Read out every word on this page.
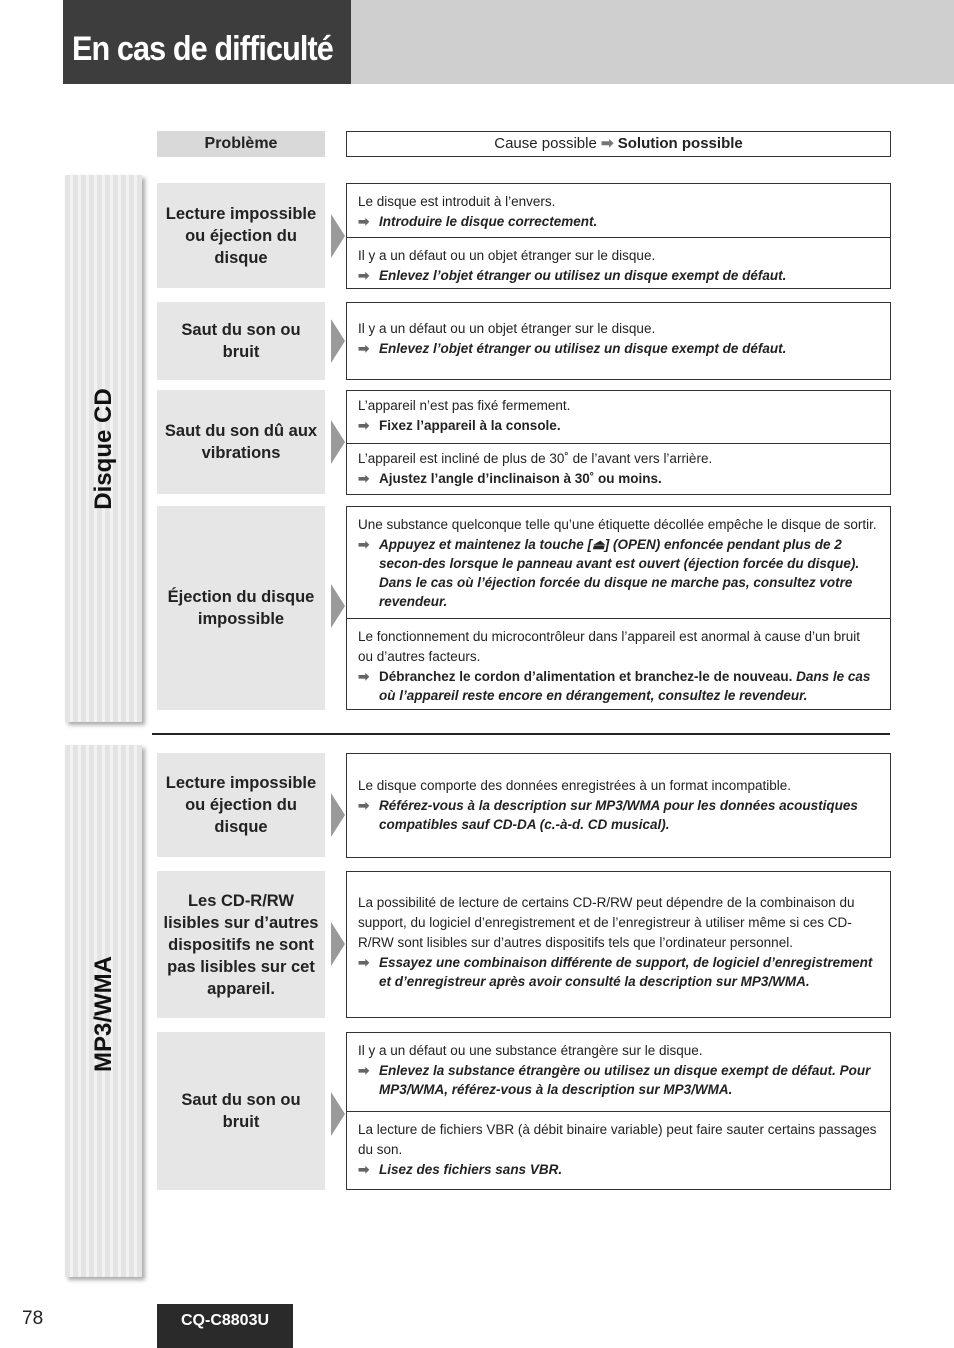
En cas de difficulté
Problème	Cause possible ➡ Solution possible
Disque CD
MP3/WMA
Lecture impossible ou éjection du disque
Le disque est introduit à l’envers.
➡ Introduire le disque correctement.
Il y a un défaut ou un objet étranger sur le disque.
➡ Enlevez l’objet étranger ou utilisez un disque exempt de défaut.
Saut du son ou bruit
Il y a un défaut ou un objet étranger sur le disque.
➡ Enlevez l’objet étranger ou utilisez un disque exempt de défaut.
Saut du son dû aux vibrations
L’appareil n’est pas fixé fermement.
➡ Fixez l’appareil à la console.
L’appareil est incliné de plus de 30˚ de l’avant vers l’arrière.
➡ Ajustez l’angle d’inclinaison à 30˚ ou moins.
Éjection du disque impossible
Une substance quelconque telle qu’une étiquette décollée empêche le disque de sortir.
➡ Appuyez et maintenez la touche [⏏] (OPEN) enfoncée pendant plus de 2 secon-des lorsque le panneau avant est ouvert (éjection forcée du disque). Dans le cas où l’éjection forcée du disque ne marche pas, consultez votre revendeur.
Le fonctionnement du microcontrôleur dans l’appareil est anormal à cause d’un bruit ou d’autres facteurs.
➡ Débranchez le cordon d’alimentation et branchez-le de nouveau. Dans le cas où l’appareil reste encore en dérangement, consultez le revendeur.
Lecture impossible ou éjection du disque
Le disque comporte des données enregistrées à un format incompatible.
➡ Référez-vous à la description sur MP3/WMA pour les données acoustiques compatibles sauf CD-DA (c.-à-d. CD musical).
Les CD-R/RW lisibles sur d’autres dispositifs ne sont pas lisibles sur cet appareil.
La possibilité de lecture de certains CD-R/RW peut dépendre de la combinaison du support, du logiciel d’enregistrement et de l’enregistreur à utiliser même si ces CD-R/RW sont lisibles sur d’autres dispositifs tels que l’ordinateur personnel.
➡ Essayez une combinaison différente de support, de logiciel d’enregistrement et d’enregistreur après avoir consulté la description sur MP3/WMA.
Saut du son ou bruit
Il y a un défaut ou une substance étrangère sur le disque.
➡ Enlevez la substance étrangère ou utilisez un disque exempt de défaut. Pour MP3/WMA, référez-vous à la description sur MP3/WMA.
La lecture de fichiers VBR (à débit binaire variable) peut faire sauter certains passages du son.
➡ Lisez des fichiers sans VBR.
78	CQ-C8803U
